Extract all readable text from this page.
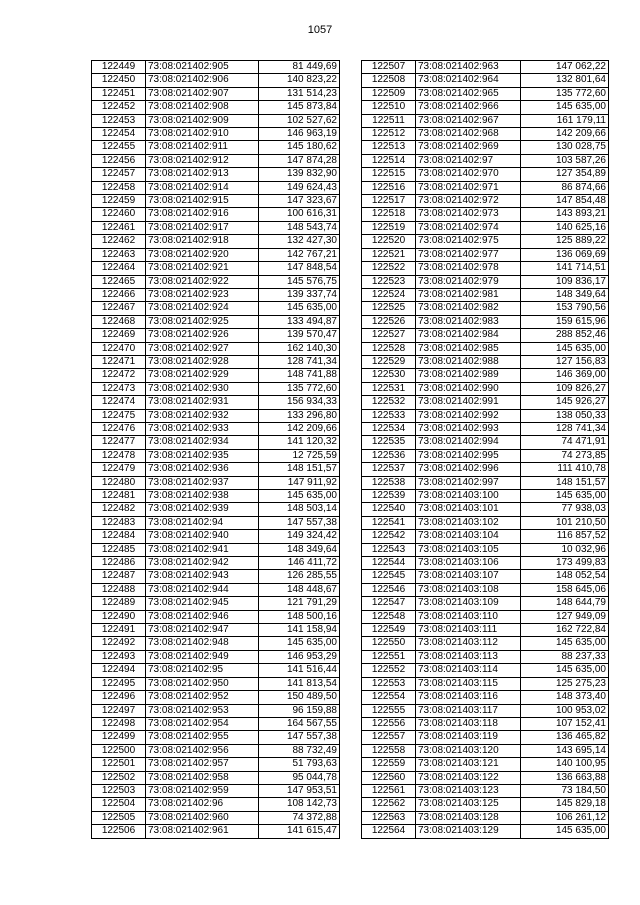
1057
122449	73:08:021402:905	81 449,69
122450	73:08:021402:906	140 823,22
122451	73:08:021402:907	131 514,23
122452	73:08:021402:908	145 873,84
122453	73:08:021402:909	102 527,62
122454	73:08:021402:910	146 963,19
122455	73:08:021402:911	145 180,62
122456	73:08:021402:912	147 874,28
122457	73:08:021402:913	139 832,90
122458	73:08:021402:914	149 624,43
122459	73:08:021402:915	147 323,67
122460	73:08:021402:916	100 616,31
122461	73:08:021402:917	148 543,74
122462	73:08:021402:918	132 427,30
122463	73:08:021402:920	142 767,21
122464	73:08:021402:921	147 848,54
122465	73:08:021402:922	145 576,75
122466	73:08:021402:923	139 337,74
122467	73:08:021402:924	145 635,00
122468	73:08:021402:925	133 494,87
122469	73:08:021402:926	139 570,47
122470	73:08:021402:927	162 140,30
122471	73:08:021402:928	128 741,34
122472	73:08:021402:929	148 741,88
122473	73:08:021402:930	135 772,60
122474	73:08:021402:931	156 934,33
122475	73:08:021402:932	133 296,80
122476	73:08:021402:933	142 209,66
122477	73:08:021402:934	141 120,32
122478	73:08:021402:935	12 725,59
122479	73:08:021402:936	148 151,57
122480	73:08:021402:937	147 911,92
122481	73:08:021402:938	145 635,00
122482	73:08:021402:939	148 503,14
122483	73:08:021402:94	147 557,38
122484	73:08:021402:940	149 324,42
122485	73:08:021402:941	148 349,64
122486	73:08:021402:942	146 411,72
122487	73:08:021402:943	126 285,55
122488	73:08:021402:944	148 448,67
122489	73:08:021402:945	121 791,29
122490	73:08:021402:946	148 500,16
122491	73:08:021402:947	141 158,94
122492	73:08:021402:948	145 635,00
122493	73:08:021402:949	146 953,29
122494	73:08:021402:95	141 516,44
122495	73:08:021402:950	141 813,54
122496	73:08:021402:952	150 489,50
122497	73:08:021402:953	96 159,88
122498	73:08:021402:954	164 567,55
122499	73:08:021402:955	147 557,38
122500	73:08:021402:956	88 732,49
122501	73:08:021402:957	51 793,63
122502	73:08:021402:958	95 044,78
122503	73:08:021402:959	147 953,51
122504	73:08:021402:96	108 142,73
122505	73:08:021402:960	74 372,88
122506	73:08:021402:961	141 615,47
122507	73:08:021402:963	147 062,22
122508	73:08:021402:964	132 801,64
122509	73:08:021402:965	135 772,60
122510	73:08:021402:966	145 635,00
122511	73:08:021402:967	161 179,11
122512	73:08:021402:968	142 209,66
122513	73:08:021402:969	130 028,75
122514	73:08:021402:97	103 587,26
122515	73:08:021402:970	127 354,89
122516	73:08:021402:971	86 874,66
122517	73:08:021402:972	147 854,48
122518	73:08:021402:973	143 893,21
122519	73:08:021402:974	140 625,16
122520	73:08:021402:975	125 889,22
122521	73:08:021402:977	136 069,69
122522	73:08:021402:978	141 714,51
122523	73:08:021402:979	109 836,17
122524	73:08:021402:981	148 349,64
122525	73:08:021402:982	153 790,56
122526	73:08:021402:983	159 615,96
122527	73:08:021402:984	288 852,46
122528	73:08:021402:985	145 635,00
122529	73:08:021402:988	127 156,83
122530	73:08:021402:989	146 369,00
122531	73:08:021402:990	109 826,27
122532	73:08:021402:991	145 926,27
122533	73:08:021402:992	138 050,33
122534	73:08:021402:993	128 741,34
122535	73:08:021402:994	74 471,91
122536	73:08:021402:995	74 273,85
122537	73:08:021402:996	111 410,78
122538	73:08:021402:997	148 151,57
122539	73:08:021403:100	145 635,00
122540	73:08:021403:101	77 938,03
122541	73:08:021403:102	101 210,50
122542	73:08:021403:104	116 857,52
122543	73:08:021403:105	10 032,96
122544	73:08:021403:106	173 499,83
122545	73:08:021403:107	148 052,54
122546	73:08:021403:108	158 645,06
122547	73:08:021403:109	148 644,79
122548	73:08:021403:110	127 949,09
122549	73:08:021403:111	162 722,84
122550	73:08:021403:112	145 635,00
122551	73:08:021403:113	88 237,33
122552	73:08:021403:114	145 635,00
122553	73:08:021403:115	125 275,23
122554	73:08:021403:116	148 373,40
122555	73:08:021403:117	100 953,02
122556	73:08:021403:118	107 152,41
122557	73:08:021403:119	136 465,82
122558	73:08:021403:120	143 695,14
122559	73:08:021403:121	140 100,95
122560	73:08:021403:122	136 663,88
122561	73:08:021403:123	73 184,50
122562	73:08:021403:125	145 829,18
122563	73:08:021403:128	106 261,12
122564	73:08:021403:129	145 635,00
